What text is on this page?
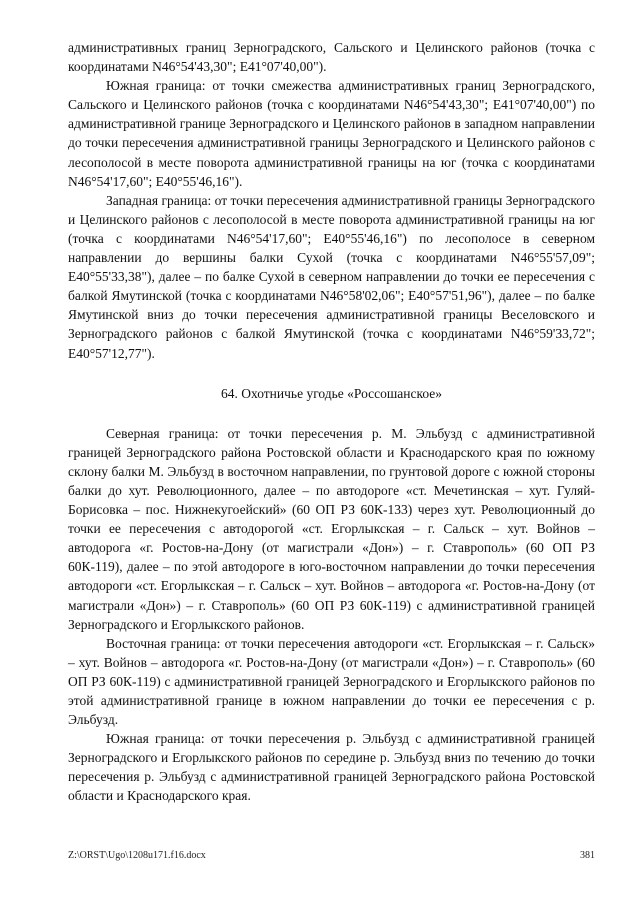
административных границ Зерноградского, Сальского и Целинского районов (точка с координатами N46°54'43,30"; E41°07'40,00").

Южная граница: от точки смежества административных границ Зерноградского, Сальского и Целинского районов (точка с координатами N46°54'43,30"; E41°07'40,00") по административной границе Зерноградского и Целинского районов в западном направлении до точки пересечения административной границы Зерноградского и Целинского районов с лесополосой в месте поворота административной границы на юг (точка с координатами N46°54'17,60"; E40°55'46,16").

Западная граница: от точки пересечения административной границы Зерноградского и Целинского районов с лесополосой в месте поворота административной границы на юг (точка с координатами N46°54'17,60"; E40°55'46,16") по лесополосе в северном направлении до вершины балки Сухой (точка с координатами N46°55'57,09"; E40°55'33,38"), далее – по балке Сухой в северном направлении до точки ее пересечения с балкой Ямутинской (точка с координатами N46°58'02,06"; E40°57'51,96"), далее – по балке Ямутинской вниз до точки пересечения административной границы Веселовского и Зерноградского районов с балкой Ямутинской (точка с координатами N46°59'33,72"; E40°57'12,77").

64. Охотничье угодье «Россошанское»

Северная граница: от точки пересечения р. М. Эльбузд с административной границей Зерноградского района Ростовской области и Краснодарского края по южному склону балки М. Эльбузд в восточном направлении, по грунтовой дороге с южной стороны балки до хут. Революционного, далее – по автодороге «ст. Мечетинская – хут. Гуляй-Борисовка – пос. Нижнекугоейский» (60 ОП РЗ 60К-133) через хут. Революционный до точки ее пересечения с автодорогой «ст. Егорлыкская – г. Сальск – хут. Войнов – автодорога «г. Ростов-на-Дону (от магистрали «Дон») – г. Ставрополь» (60 ОП РЗ 60К-119), далее – по этой автодороге в юго-восточном направлении до точки пересечения автодороги «ст. Егорлыкская – г. Сальск – хут. Войнов – автодорога «г. Ростов-на-Дону (от магистрали «Дон») – г. Ставрополь» (60 ОП РЗ 60К-119) с административной границей Зерноградского и Егорлыкского районов.

Восточная граница: от точки пересечения автодороги «ст. Егорлыкская – г. Сальск» – хут. Войнов – автодорога «г. Ростов-на-Дону (от магистрали «Дон») – г. Ставрополь» (60 ОП РЗ 60К-119) с административной границей Зерноградского и Егорлыкского районов по этой административной границе в южном направлении до точки ее пересечения с р. Эльбузд.

Южная граница: от точки пересечения р. Эльбузд с административной границей Зерноградского и Егорлыкского районов по середине р. Эльбузд вниз по течению до точки пересечения р. Эльбузд с административной границей Зерноградского района Ростовской области и Краснодарского края.

Z:\ORST\Ugo\1208u171.f16.docx	381
